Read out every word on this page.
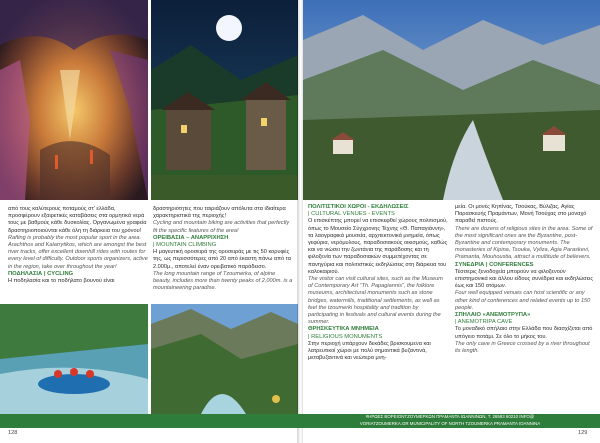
από τους καλύτερους ποταμούς στ’ ελλάδα, προσφέρουν εξαιρετικές καταβάσεις στα ορμητικά νερά τους με βαθμούς κάθε δυσκολίας. Οργανωμένα γραφεία δραστηριοποιούνται κάθε όλη τη διάρκεια του χρόνου!

Rafting is probably the most popular sport in the area. Arachthos and Kalarrytikos, which are amongst the best river tracks, offer excellent downhill rides with routes for every level of difficulty. Outdoor sports organizers, active in the region, take over throughout the year!

ΠΟΔΗΛΑΣΙΑ | CYCLING

Η ποδηλασία και το ποδήλατο βουνού είναι

δραστηριότητες που ταιριάζουν απόλυτα στα ιδιαίτερα χαρακτηριστικά της περιοχής!

Cycling and mountain biking are activities that perfectly fit the specific features of the area!

ΟΡΕΙΒΑΣΙΑ – ΑΝΑΡΡΙΧΗΣΗ

| MOUNTAIN CLIMBING

Η μαγευτική οροσειρά της οροσειράς με τις 50 κορυφές της, ως περισσότερες από 20 από έκαστη πάνω από τα 2.000μ., αποτελεί έναν ορειβατικό παράδεισο.

The long mountain range of Tzoumerka, of alpine beauty, includes more than twenty peaks of 2,000m. is a mountaineering paradise.

ΠΟΛΙΤΙΣΤΙΚΟΙ ΧΩΡΟΙ - ΕΚΔΗΛΩΣΕΙΣ

| CULTURAL VENUES - EVENTS

Ο επισκέπτης μπορεί να επισκεφθεί χώρους πολιτισμού, όπως το Μουσείο Σύγχρονης Τέχνης «Θ. Παπαγιάννη», τα λαογραφικά μουσεία, αρχιτεκτονικά μνημεία, όπως γεφύρια, νερόμυλους, παραδοσιακούς οικισμούς, καθώς και να νιώσει την ζωντάνια της παράδοσης και τη φιλοξενία των παραδοσιακών συμμετέχοντας σε πανηγύρια και πολιτιστικές εκδηλώσεις στη διάρκεια του καλοκαιριού.

The visitor can visit cultural sites, such as the Museum of Contemporary Art “Th. Papagiannis”, the folklore museums, architectural monuments such as stone bridges, watermills, traditional settlements, as well as feel the tzoumerki hospitality and tradition by participating in festivals and cultural events during the summer.

ΘΡΗΣΚΕΥΤΙΚΑ ΜΝΗΜΕΙΑ

| RELIGIOUS MONUMENTS

Στην περιοχή υπάρχουν δεκάδες βρισκουμενα και λατρευτικοί χώροι με πολύ σημαντικά βυζαντινά, μεταβυζαντινά και νεώτερα μνη-

μεία. Οι μονές Κηπίνας, Τσούκας, Βύλιζας, Αγίας Παρασκευής Πραμάντων, Μονή Τσούχας στο μοναχό παραθεί πιστούς.

There are dozens of religious sites in the area. Some of the most significant ones are the Byzantine, post-Byzantine and contemporary monuments. The monasteries of Kipina, Tsouka, Vyliza, Agia Paraskevi, Pramanta, Mouhoustia, attract a multitude of believers.

ΣΥΝΕΔΡΙΑ | CONFERENCES

Τέσσερις ξενοδοχεία μπορούν να φιλοξενούν επιστημονικά και άλλου είδους συνέδρια και εκδηλώσεις έως και 150 ατόμων.

Four well equipped venues can host scientific or any other kind of conferences and related events up to 150 people.

ΣΠΗΛΑΙΟ «ΑΝΕΜΟΤΡΥΠΑ»

| ANEMOTRIPA CAVE

Το μοναδικό σπήλαιο στην Ελλάδα που διασχίζεται από υπόγειο ποτάμι. Σε όλο το μήκος του.

The only cave in Greece crossed by a river throughout its length.

#ΗΡΩΕΣ ΒΟΡΕΙΟΝΤΖΟΥΜΕΡΚΩΝ ΠΡΑΜΑΝΤΑ ΙΩΑΝΝΙΝΩΝ, Τ. 26593 60210 INFO@
VORIATZOUMERKA.GR MUNICIPALITY OF NORTH TZOUMERKA PRAMANTA IOANNINA
128	129
